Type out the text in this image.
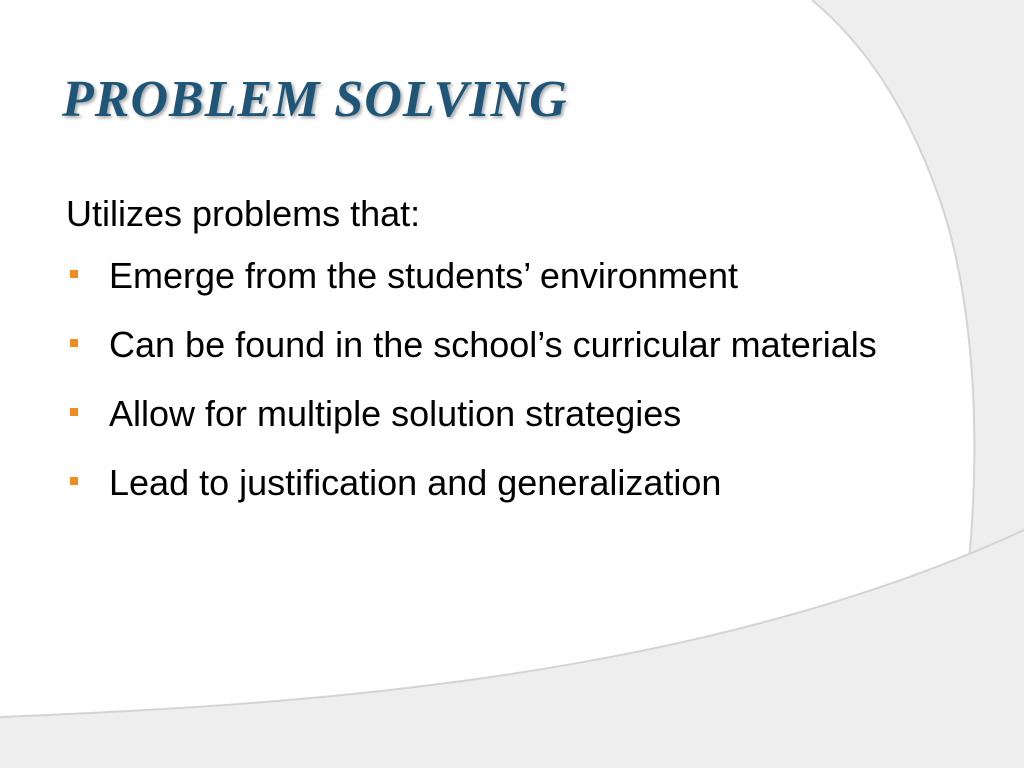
PROBLEM SOLVING
Utilizes problems that:
Emerge from the students’ environment
Can be found in the school’s curricular materials
Allow for multiple solution strategies
Lead to justification and generalization
